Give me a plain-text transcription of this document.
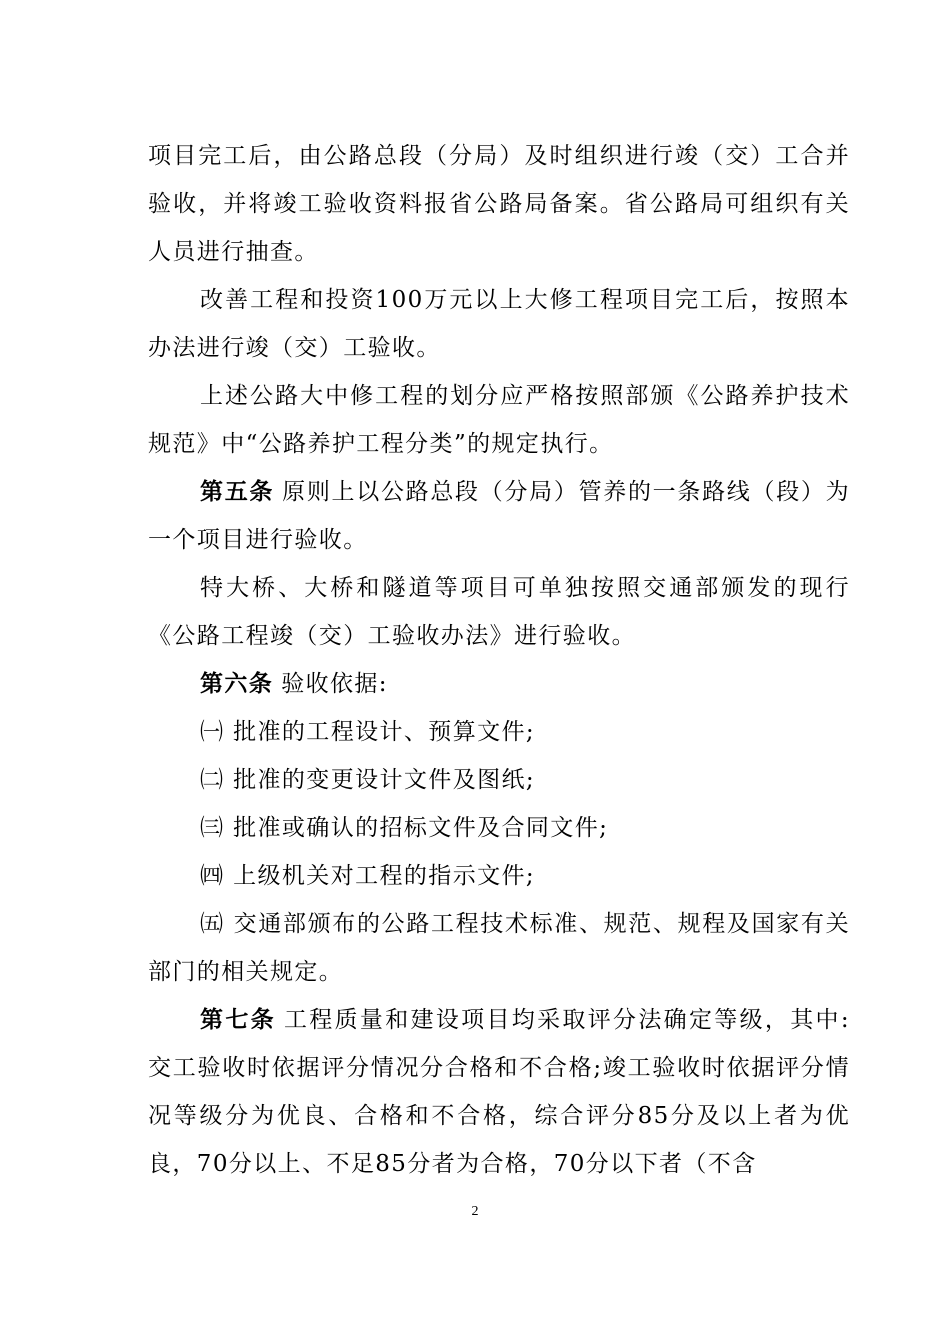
项目完工后，由公路总段（分局）及时组织进行竣（交）工合并验收，并将竣工验收资料报省公路局备案。省公路局可组织有关人员进行抽查。

改善工程和投资100万元以上大修工程项目完工后，按照本办法进行竣（交）工验收。

上述公路大中修工程的划分应严格按照部颁《公路养护技术规范》中“公路养护工程分类”的规定执行。

第五条 原则上以公路总段（分局）管养的一条路线（段）为一个项目进行验收。

特大桥、大桥和隧道等项目可单独按照交通部颁发的现行《公路工程竣（交）工验收办法》进行验收。

第六条 验收依据:

㈠ 批准的工程设计、预算文件;

㈡ 批准的变更设计文件及图纸;

㈢ 批准或确认的招标文件及合同文件;

㈣ 上级机关对工程的指示文件;

㈤ 交通部颁布的公路工程技术标准、规范、规程及国家有关部门的相关规定。

第七条 工程质量和建设项目均采取评分法确定等级，其中:交工验收时依据评分情况分合格和不合格;竣工验收时依据评分情况等级分为优良、合格和不合格，综合评分85分及以上者为优良，70分以上、不足85分者为合格，70分以下者（不含

2
